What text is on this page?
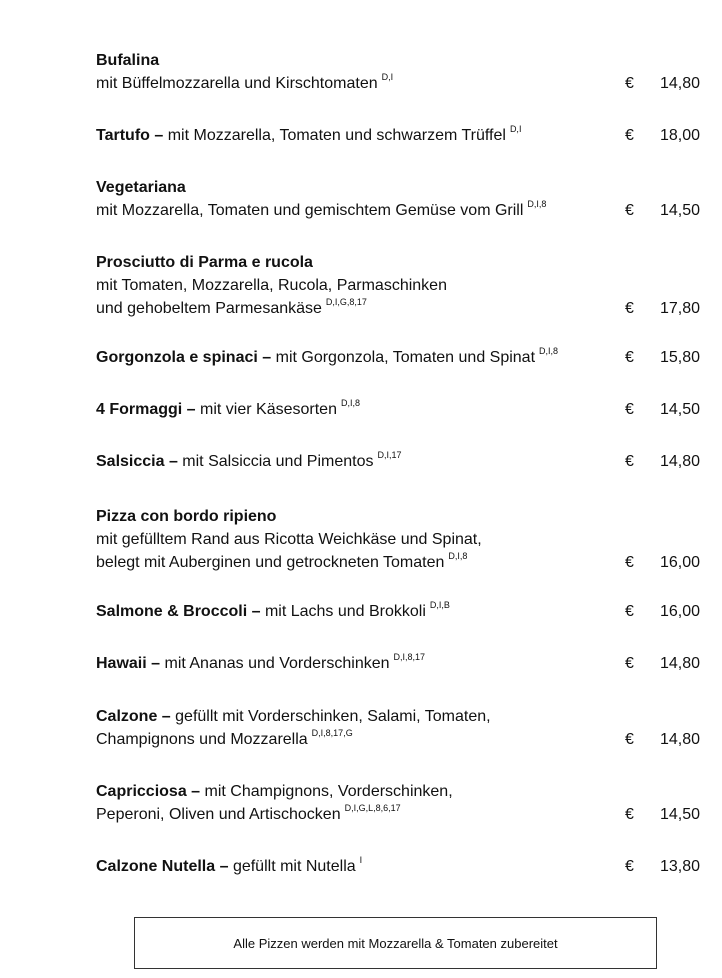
Bufalina
mit Büffelmozzarella und Kirschtomaten $^{D,I}$	€ 14,80
Tartufo – mit Mozzarella, Tomaten und schwarzem Trüffel $^{D,I}$	€ 18,00
Vegetariana
mit Mozzarella, Tomaten und gemischtem Gemüse vom Grill $^{D,I,8}$	€ 14,50
Prosciutto di Parma e rucola
mit Tomaten, Mozzarella, Rucola, Parmaschinken
und gehobeltem Parmesankäse $^{D,I,G,8,17}$	€ 17,80
Gorgonzola e spinaci – mit Gorgonzola, Tomaten und Spinat $^{D,I,8}$	€ 15,80
4 Formaggi – mit vier Käsesorten $^{D,I,8}$	€ 14,50
Salsiccia – mit Salsiccia und Pimentos $^{D,I,17}$	€ 14,80
Pizza con bordo ripieno
mit gefülltem Rand aus Ricotta Weichkäse und Spinat,
belegt mit Auberginen und getrockneten Tomaten $^{D,I,8}$	€ 16,00
Salmone & Broccoli – mit Lachs und Brokkoli $^{D,I,B}$	€ 16,00
Hawaii – mit Ananas und Vorderschinken $^{D,I,8,17}$	€ 14,80
Calzone – gefüllt mit Vorderschinken, Salami, Tomaten,
Champignons und Mozzarella $^{D,I,8,17,G}$	€ 14,80
Capricciosa – mit Champignons, Vorderschinken,
Peperoni, Oliven und Artischocken $^{D,I,G,L,8,6,17}$	€ 14,50
Calzone Nutella – gefüllt mit Nutella $^I$	€ 13,80
Alle Pizzen werden mit Mozzarella & Tomaten zubereitet
